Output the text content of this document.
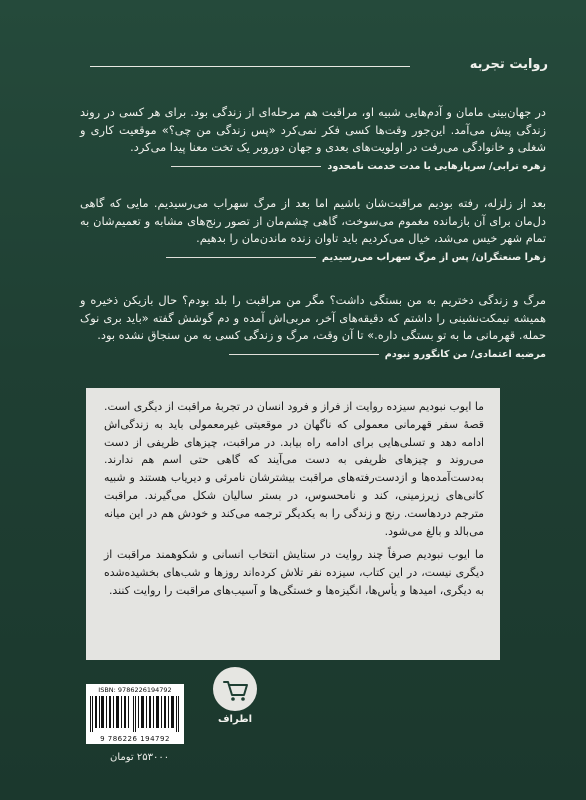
روایت تجربه

در جهان‌بینی مامان و آدم‌هایی شبیه او، مراقبت هم مرحله‌ای از زندگی بود. برای هر کسی در روند زندگی پیش می‌آمد. این‌جور وقت‌ها کسی فکر نمی‌کرد «پس زندگی من چی؟» موقعیت کاری و شغلی و خانوادگی می‌رفت در اولویت‌های بعدی و جهان دوروبر یک تخت معنا پیدا می‌کرد.

زهره ترابی/ سرپازهایی با مدت خدمت نامحدود

بعد از زلزله، رفته بودیم مراقبت‌شان باشیم اما بعد از مرگ سهراب می‌رسیدیم. مایی که گاهی دل‌مان برای آن بازمانده مغموم می‌سوخت، گاهی چشم‌مان از تصور رنج‌های مشابه و تعمیم‌شان به تمام شهر خیس می‌شد، خیال می‌کردیم باید تاوان زنده ماندن‌مان را بدهیم.

زهرا صنعتگران/ پس از مرگ سهراب می‌رسیدیم

مرگ و زندگی دختریم به من بستگی داشت؟ مگر من مراقبت را بلد بودم؟ حال بازیکن ذخیره و همیشه نیمکت‌نشینی را داشتم که دقیقه‌های آخر، مربی‌اش آمده و دم گوشش گفته «باید بری نوک حمله. قهرمانی ما به تو بستگی داره.» تا آن وقت، مرگ و زندگی کسی به من سنجاق نشده بود.

مرضیه اعتمادی/ من کانگورو نبودم

ما ایوب نبودیم سیزده روایت از فراز و فرود انسان در تجربهٔ مراقبت از دیگری است. قصهٔ سفر قهرمانی معمولی که ناگهان در موقعیتی غیرمعمولی باید به زندگی‌اش ادامه دهد و تسلی‌هایی برای ادامه راه بیابد. در مراقبت، چیزهای ظریفی از دست می‌روند و چیزهای ظریفی به دست می‌آیند که گاهی حتی اسم هم ندارند. به‌دست‌آمده‌ها و از‌دست‌رفته‌های مراقبت بیشترشان نامرئی و دیریاب هستند و شبیه کانی‌های زیرزمینی، کند و نامحسوس، در بستر سالیان شکل می‌گیرند. مراقبت مترجم دردهاست. رنج و زندگی را به یکدیگر ترجمه می‌کند و خودش هم در این میانه می‌بالد و بالغ می‌شود.

ما ایوب نبودیم صرفاً چند روایت در ستایش انتخاب انسانی و شکوهمند مراقبت از دیگری نیست، در این کتاب، سیزده نفر تلاش کرده‌اند روزها و شب‌های بخشیده‌شده به دیگری، امیدها و یأس‌ها، انگیزه‌ها و خستگی‌ها و آسیب‌های مراقبت را روایت کنند.

ISBN: 9786226194792
9 786226 194792
۲۵۳۰۰۰ تومان
اطراف
